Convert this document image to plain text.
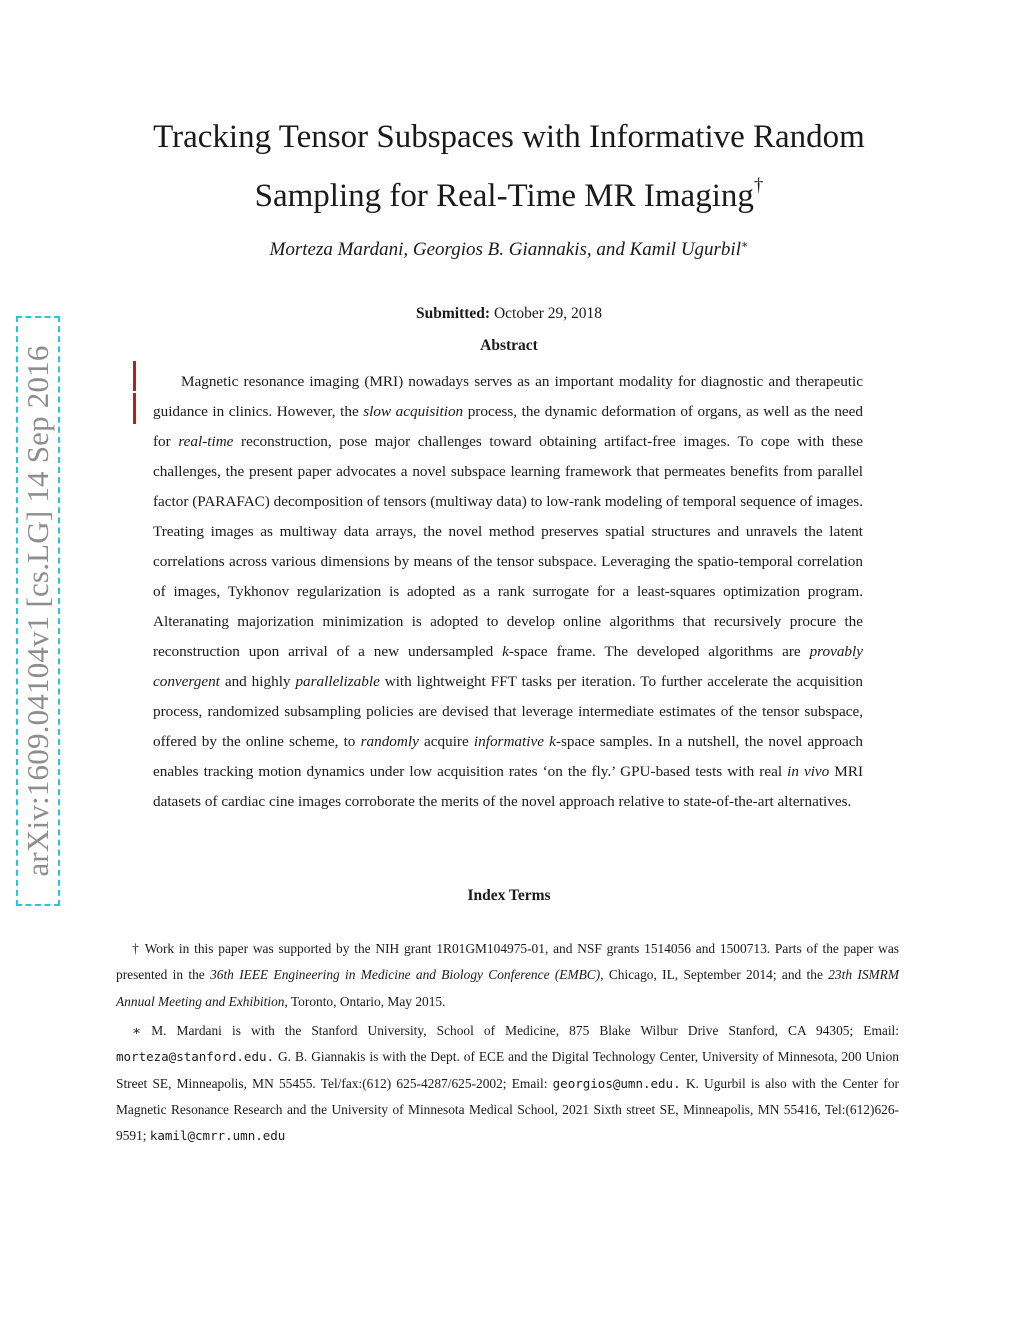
arXiv:1609.04104v1 [cs.LG] 14 Sep 2016
Tracking Tensor Subspaces with Informative Random
Sampling for Real-Time MR Imaging†
Morteza Mardani, Georgios B. Giannakis, and Kamil Ugurbil∗
Submitted: October 29, 2018
Abstract

Magnetic resonance imaging (MRI) nowadays serves as an important modality for diagnostic and therapeutic guidance in clinics. However, the slow acquisition process, the dynamic deformation of organs, as well as the need for real-time reconstruction, pose major challenges toward obtaining artifact-free images. To cope with these challenges, the present paper advocates a novel subspace learning framework that permeates benefits from parallel factor (PARAFAC) decomposition of tensors (multiway data) to low-rank modeling of temporal sequence of images. Treating images as multiway data arrays, the novel method preserves spatial structures and unravels the latent correlations across various dimensions by means of the tensor subspace. Leveraging the spatio-temporal correlation of images, Tykhonov regularization is adopted as a rank surrogate for a least-squares optimization program. Alteranating majorization minimization is adopted to develop online algorithms that recursively procure the reconstruction upon arrival of a new undersampled k-space frame. The developed algorithms are provably convergent and highly parallelizable with lightweight FFT tasks per iteration. To further accelerate the acquisition process, randomized subsampling policies are devised that leverage intermediate estimates of the tensor subspace, offered by the online scheme, to randomly acquire informative k-space samples. In a nutshell, the novel approach enables tracking motion dynamics under low acquisition rates ‘on the fly.’ GPU-based tests with real in vivo MRI datasets of cardiac cine images corroborate the merits of the novel approach relative to state-of-the-art alternatives.

Index Terms

† Work in this paper was supported by the NIH grant 1R01GM104975-01, and NSF grants 1514056 and 1500713. Parts of the paper was presented in the 36th IEEE Engineering in Medicine and Biology Conference (EMBC), Chicago, IL, September 2014; and the 23th ISMRM Annual Meeting and Exhibition, Toronto, Ontario, May 2015.

∗ M. Mardani is with the Stanford University, School of Medicine, 875 Blake Wilbur Drive Stanford, CA 94305; Email: morteza@stanford.edu. G. B. Giannakis is with the Dept. of ECE and the Digital Technology Center, University of Minnesota, 200 Union Street SE, Minneapolis, MN 55455. Tel/fax:(612) 625-4287/625-2002; Email: georgios@umn.edu. K. Ugurbil is also with the Center for Magnetic Resonance Research and the University of Minnesota Medical School, 2021 Sixth street SE, Minneapolis, MN 55416, Tel:(612)626-9591; kamil@cmrr.umn.edu
